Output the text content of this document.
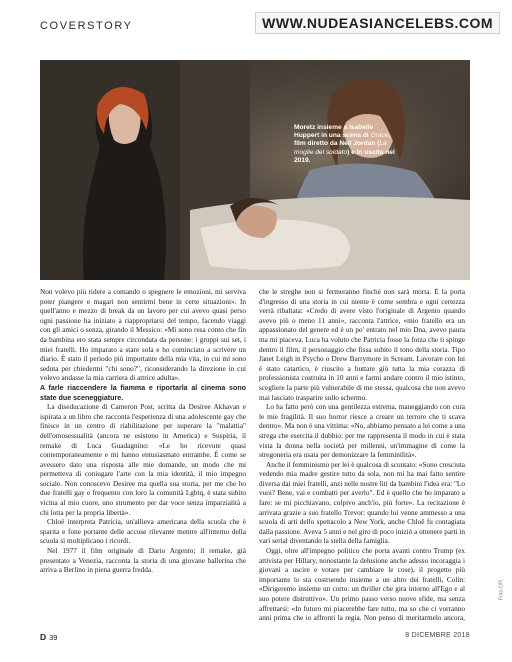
COVERSTORY	WWW.NUDEASIANCELEBS.COM
Moretz insieme a Isabelle Huppert in una scena di Grace, film diretto da Neil Jordan (La moglie del soldato) e in uscita nel 2019.

Non volevo più ridere a comando o spegnere le emozioni, mi serviva poter piangere e magari non sentirmi bene in certe situazioni». In quell'anno e mezzo di break da un lavoro per cui avevo quasi perso ogni passione ha iniziato a riappropriarsi del tempo, facendo viaggi con gli amici o senza, girando il Messico: «Mi sono resa conto che fin da bambina ero stata sempre circondata da persone: i gruppi sui set, i miei fratelli. Ho imparato a stare sola e ho cominciato a scrivere un diario. È stato il periodo più importante della mia vita, in cui mi sono seduta per chiedermi "chi sono?", riconsiderando la direzione in cui volevo andasse la mia carriera di attrice adulta».

A farle riaccendere la fiamma e riportarla al cinema sono state due sceneggiature.

La diseducazione di Cameron Post, scritta da Desiree Akhavan e ispirata a un libro che racconta l'esperienza di una adolescente gay che finisce in un centro di riabilitazione per superare la "malattia" dell'omosessualità (ancora ne esistono in America) e Suspiria, il remake di Luca Guadagnino: «Le ho ricevute quasi contemporaneamente e mi hanno entusiasmato entrambe. È come se avessero dato una risposta alle mie domande, un modo che mi permetteva di coniugare l'arte con la mia identità, il mio impegno sociale. Non conoscevo Desiree ma quella sua storia, per me che ho due fratelli gay e frequento con loro la comunità Lgbtq, è stata subito vicina al mio cuore, uno strumento per dar voce senza imparzialità a chi lotta per la propria libertà».

Chloë interpreta Patricia, un'allieva americana della scuola che è sparita e fone portante delle accuse rilevante mentre all'interno della scuola si moltiplicano i ricordi.

Nel 1977 il film originale di Dario Argento; il remake, già presentato a Venezia, racconta la storia di una giovane ballerina che arriva a Berlino in piena guerra fredda.

che le streghe non si fermeranno finché non sarà morta. È la porta d'ingresso di una storia in cui niente è come sembra e ogni certezza verrà ribaltata: «Credo di avere visto l'originale di Argento quando avevo più o meno 11 anni», racconta l'attrice, «mio fratello era un appassionato del genere ed è un po' entrato nel mio Dna, avevo paura ma mi piaceva. Luca ha voluto che Patricia fosse la forza che ti spinge dentro il film, il personaggio che fissa subito il tono della storia. Tipo Janet Leigh in Psycho o Drew Barrymore in Scream. Lavorare con lui è stato catartico, è riuscito a buttare giù tutta la mia corazza di professionista costruita in 10 anni e farmi andare contro il mio istinto, scegliere la parte più vulnerabile di me stessa, qualcosa che non avevo mai lasciato trasparire sullo schermo.

Lo ha fatto però con una gentilezza estrema, maneggiando con cura le mie fragilità. Il suo horror riesce a creare un terrore che ti scava dentro». Ma non è una vittima: «No, abbiamo pensato a lei come a una strega che esercita il dubbio: per me rappresenta il modo in cui è stata vista la donna nella società per millenni, un'immagine di come la stregoneria era usata per demonizzare la femminilità».

Anche il femminismo per lei è qualcosa di scontato: «Sono cresciuta vedendo mia madre gestire tutto da sola, non mi ha mai fatto sentire diversa dai miei fratelli, anzi nelle nostre liti da bambini l'idea era: "Lo vuoi? Bene, vai e combatti per averlo". Ed è quello che ho imparato a fare: se mi picchiavano, colpivo anch'io, più forte». La recitazione è arrivata grazie a suo fratello Trevor: quando lui venne ammesso a una scuola di arti dello spettacolo a New York, anche Chloë fu contagiata dalla passione. Aveva 5 anni e nel giro di poco iniziò a ottenere parti in vari serial diventando la stella della famiglia.

Oggi, oltre all'impegno politico che porta avanti contro Trump (ex attivista per Hillary, nonostante la delusione anche adesso incoraggia i giovani a uscire e votare per cambiare le cose), il progetto più importante lo sta costruendo insieme a un altro dei fratelli, Colin: «Dirigeremo insieme un corto: un thriller che gira intorno all'Ego e al suo potere distruttivo». Un primo passo verso nuove sfide, ma senza affrettarsi: «In futuro mi piacerebbe fare tutto, ma so che ci vorranno anni prima che io affronti la regia. Non penso di meritarmelo ancora,

Foto DR
D 39	8 DICEMBRE 2018
